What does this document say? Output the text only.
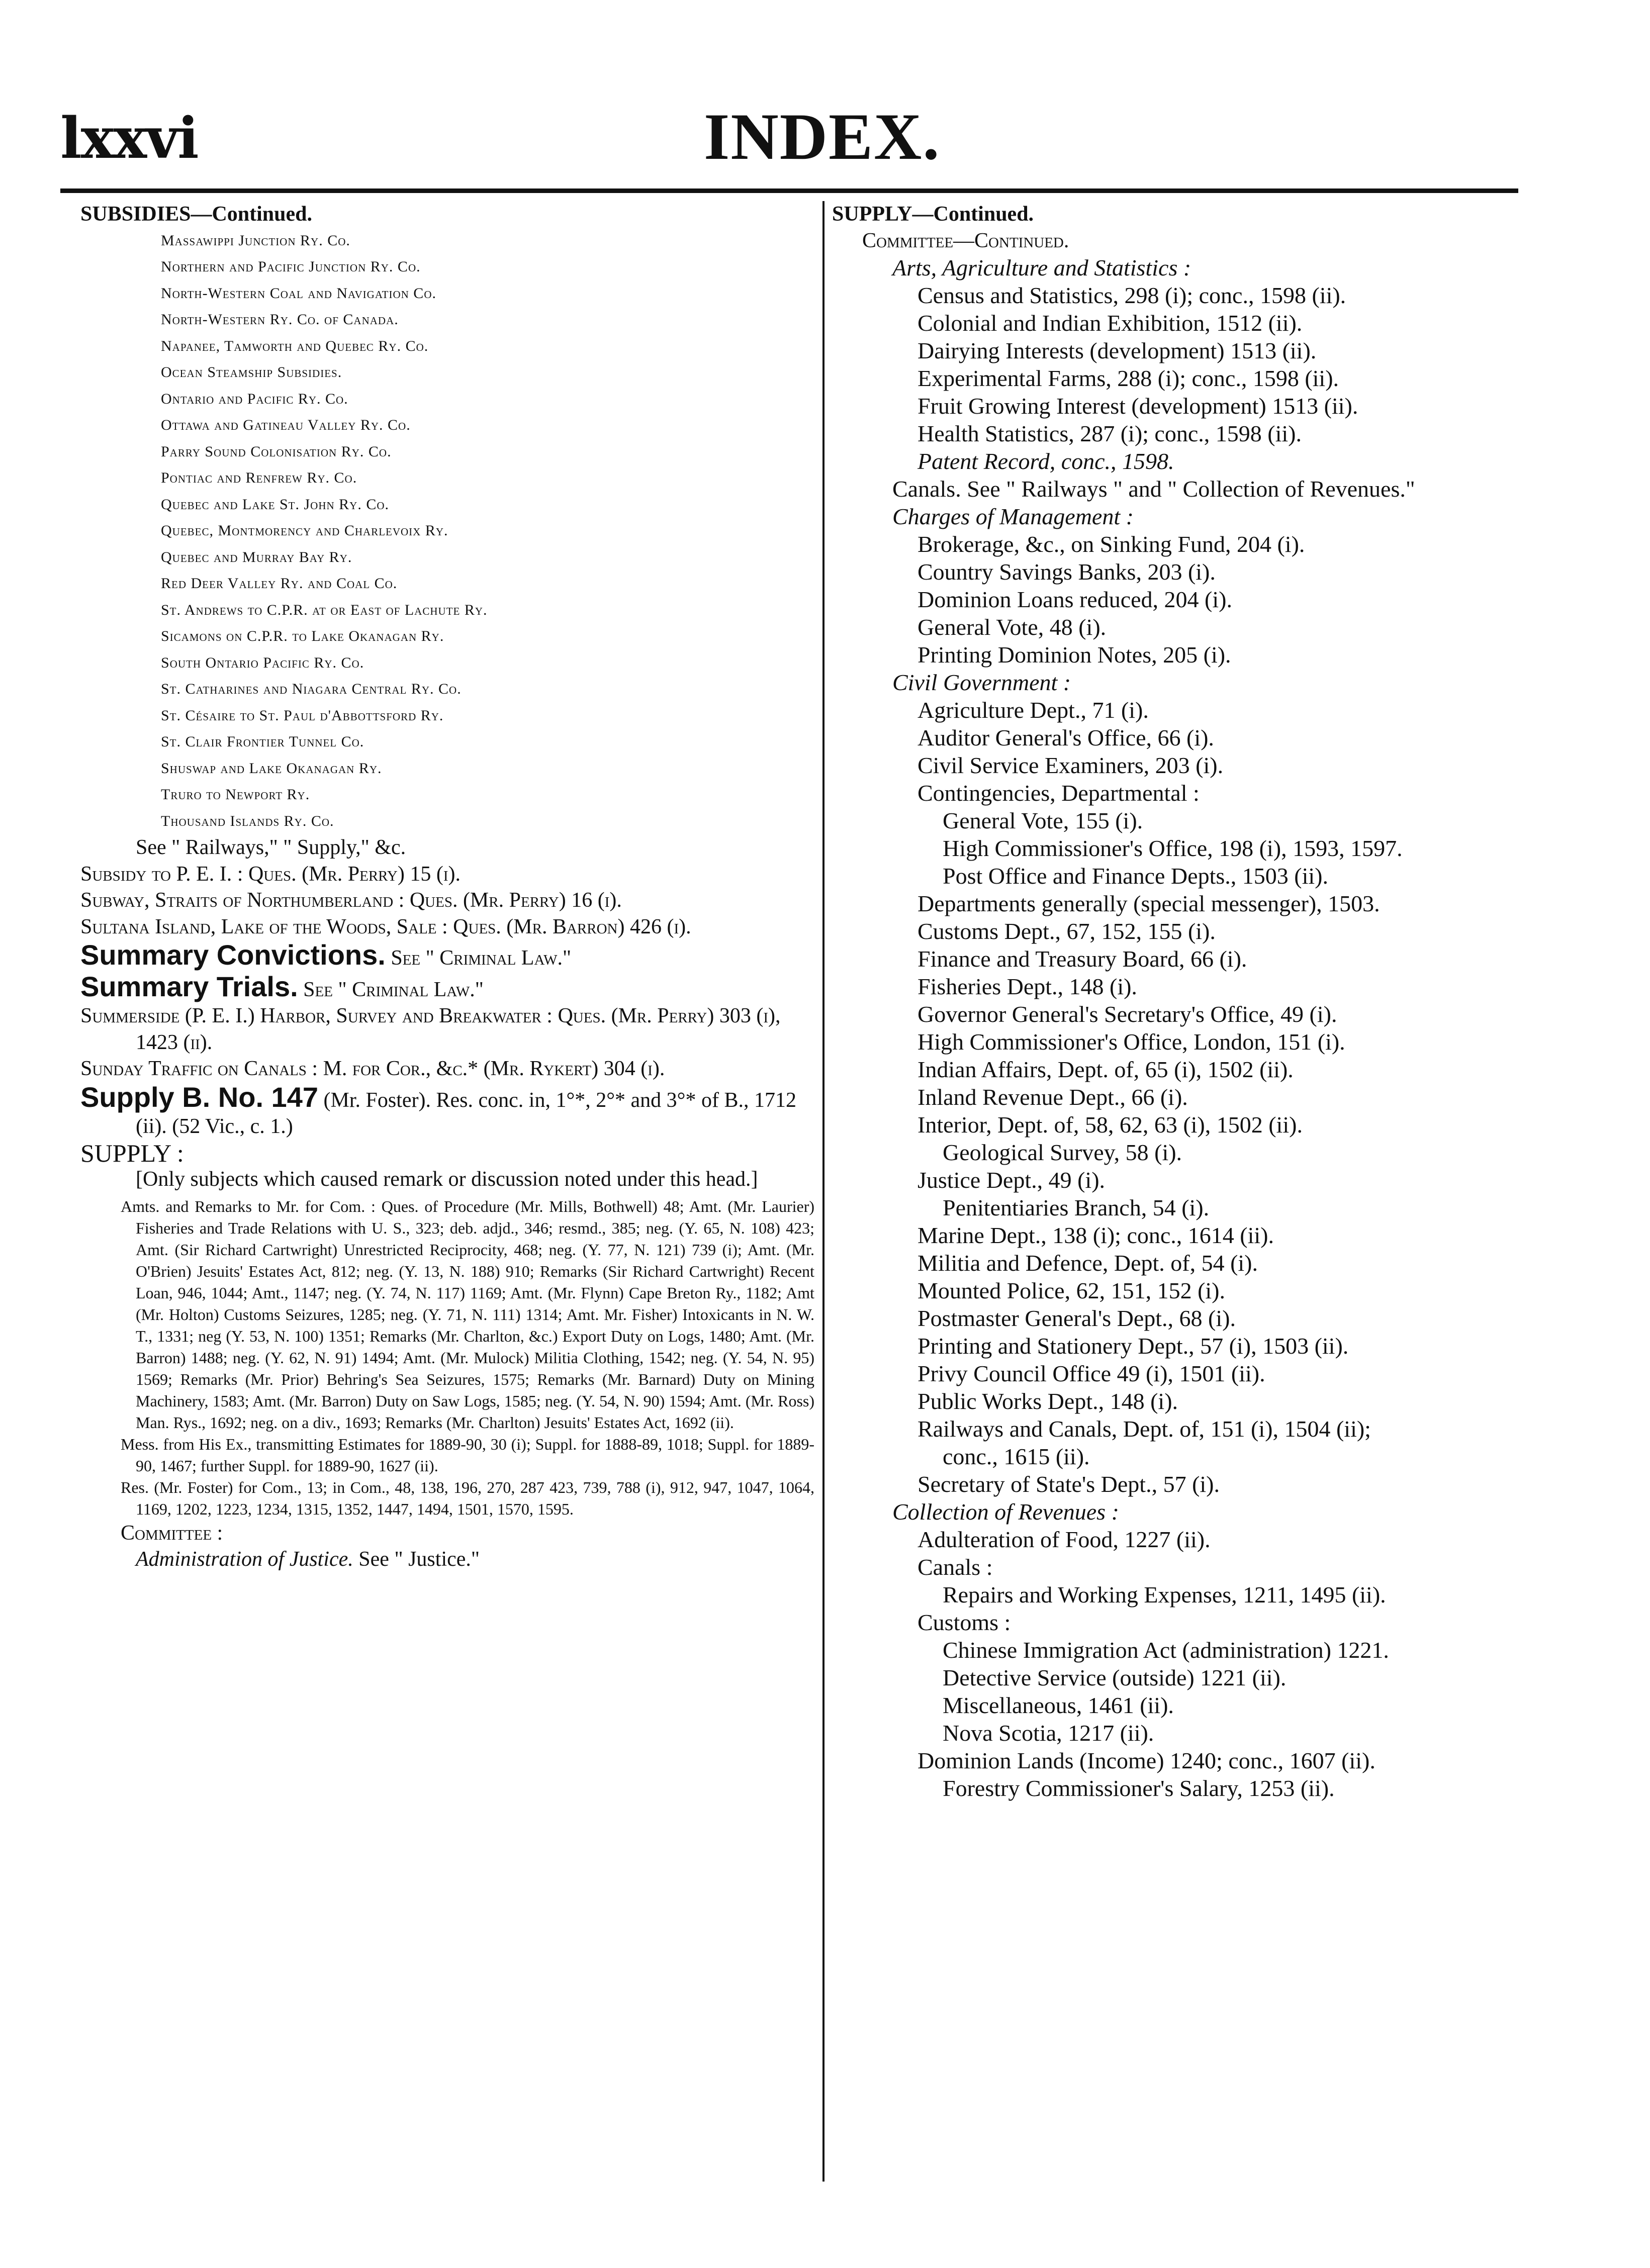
lxxvi	INDEX.
SUBSIDIES—Continued.
Massawippi Junction Ry. Co.
Northern and Pacific Junction Ry. Co.
North-Western Coal and Navigation Co.
North-Western Ry. Co. of Canada.
Napanee, Tamworth and Quebec Ry. Co.
Ocean Steamship Subsidies.
Ontario and Pacific Ry. Co.
Ottawa and Gatineau Valley Ry. Co.
Parry Sound Colonisation Ry. Co.
Pontiac and Renfrew Ry. Co.
Quebec and Lake St. John Ry. Co.
Quebec, Montmorency and Charlevoix Ry.
Quebec and Murray Bay Ry.
Red Deer Valley Ry. and Coal Co.
St. Andrews to C.P.R. at or East of Lachute Ry.
Sicamons on C.P.R. to Lake Okanagan Ry.
South Ontario Pacific Ry. Co.
St. Catharines and Niagara Central Ry. Co.
St. Césaire to St. Paul d'Abbottsford Ry.
St. Clair Frontier Tunnel Co.
Shuswap and Lake Okanagan Ry.
Truro to Newport Ry.
Thousand Islands Ry. Co.
See " Railways," " Supply," &c.
Subsidy to P. E. I. : Ques. (Mr. Perry) 15 (i).
Subway, Straits of Northumberland : Ques. (Mr. Perry) 16 (i).
Sultana Island, Lake of the Woods, Sale : Ques. (Mr. Barron) 426 (i).
Summary Convictions. See " Criminal Law."
Summary Trials. See " Criminal Law."
Summerside (P. E. I.) Harbor, Survey and Breakwater : Ques. (Mr. Perry) 303 (i), 1423 (ii).
Sunday Traffic on Canals : M. for Cor., &c.* (Mr. Rykert) 304 (i).
Supply B. No. 147 (Mr. Foster). Res. conc. in, 1°*, 2°* and 3°* of B., 1712 (ii). (52 Vic., c. 1.)
SUPPLY :
[Only subjects which caused remark or discussion noted under this head.]
Amts. and Remarks to Mr. for Com. : Ques. of Procedure (Mr. Mills, Bothwell) 48; Amt. (Mr. Laurier) Fisheries and Trade Relations with U. S., 323; deb. adjd., 346; resmd., 385; neg. (Y. 65, N. 108) 423; Amt. (Sir Richard Cartwright) Unrestricted Reciprocity, 468; neg. (Y. 77, N. 121) 739 (i); Amt. (Mr. O'Brien) Jesuits' Estates Act, 812; neg. (Y. 13, N. 188) 910; Remarks (Sir Richard Cartwright) Recent Loan, 946, 1044; Amt., 1147; neg. (Y. 74, N. 117) 1169; Amt. (Mr. Flynn) Cape Breton Ry., 1182; Amt (Mr. Holton) Customs Seizures, 1285; neg. (Y. 71, N. 111) 1314; Amt. Mr. Fisher) Intoxicants in N. W. T., 1331; neg (Y. 53, N. 100) 1351; Remarks (Mr. Charlton, &c.) Export Duty on Logs, 1480; Amt. (Mr. Barron) 1488; neg. (Y. 62, N. 91) 1494; Amt. (Mr. Mulock) Militia Clothing, 1542; neg. (Y. 54, N. 95) 1569; Remarks (Mr. Prior) Behring's Sea Seizures, 1575; Remarks (Mr. Barnard) Duty on Mining Machinery, 1583; Amt. (Mr. Barron) Duty on Saw Logs, 1585; neg. (Y. 54, N. 90) 1594; Amt. (Mr. Ross) Man. Rys., 1692; neg. on a div., 1693; Remarks (Mr. Charlton) Jesuits' Estates Act, 1692 (ii).
Mess. from His Ex., transmitting Estimates for 1889-90, 30 (i); Suppl. for 1888-89, 1018; Suppl. for 1889-90, 1467; further Suppl. for 1889-90, 1627 (ii).
Res. (Mr. Foster) for Com., 13; in Com., 48, 138, 196, 270, 287 423, 739, 788 (i), 912, 947, 1047, 1064, 1169, 1202, 1223, 1234, 1315, 1352, 1447, 1494, 1501, 1570, 1595.
Committee :
Administration of Justice. See " Justice."
SUPPLY—Continued.
Committee—Continued.
Arts, Agriculture and Statistics :
Census and Statistics, 298 (i); conc., 1598 (ii).
Colonial and Indian Exhibition, 1512 (ii).
Dairying Interests (development) 1513 (ii).
Experimental Farms, 288 (i); conc., 1598 (ii).
Fruit Growing Interest (development) 1513 (ii).
Health Statistics, 287 (i); conc., 1598 (ii).
Patent Record, conc., 1598.
Canals. See " Railways " and " Collection of Revenues."
Charges of Management :
Brokerage, &c., on Sinking Fund, 204 (i).
Country Savings Banks, 203 (i).
Dominion Loans reduced, 204 (i).
General Vote, 48 (i).
Printing Dominion Notes, 205 (i).
Civil Government :
Agriculture Dept., 71 (i).
Auditor General's Office, 66 (i).
Civil Service Examiners, 203 (i).
Contingencies, Departmental :
General Vote, 155 (i).
High Commissioner's Office, 198 (i), 1593, 1597.
Post Office and Finance Depts., 1503 (ii).
Departments generally (special messenger), 1503.
Customs Dept., 67, 152, 155 (i).
Finance and Treasury Board, 66 (i).
Fisheries Dept., 148 (i).
Governor General's Secretary's Office, 49 (i).
High Commissioner's Office, London, 151 (i).
Indian Affairs, Dept. of, 65 (i), 1502 (ii).
Inland Revenue Dept., 66 (i).
Interior, Dept. of, 58, 62, 63 (i), 1502 (ii).
Geological Survey, 58 (i).
Justice Dept., 49 (i).
Penitentiaries Branch, 54 (i).
Marine Dept., 138 (i); conc., 1614 (ii).
Militia and Defence, Dept. of, 54 (i).
Mounted Police, 62, 151, 152 (i).
Postmaster General's Dept., 68 (i).
Printing and Stationery Dept., 57 (i), 1503 (ii).
Privy Council Office 49 (i), 1501 (ii).
Public Works Dept., 148 (i).
Railways and Canals, Dept. of, 151 (i), 1504 (ii);
conc., 1615 (ii).
Secretary of State's Dept., 57 (i).
Collection of Revenues :
Adulteration of Food, 1227 (ii).
Canals :
Repairs and Working Expenses, 1211, 1495 (ii).
Customs :
Chinese Immigration Act (administration) 1221.
Detective Service (outside) 1221 (ii).
Miscellaneous, 1461 (ii).
Nova Scotia, 1217 (ii).
Dominion Lands (Income) 1240; conc., 1607 (ii).
Forestry Commissioner's Salary, 1253 (ii).
